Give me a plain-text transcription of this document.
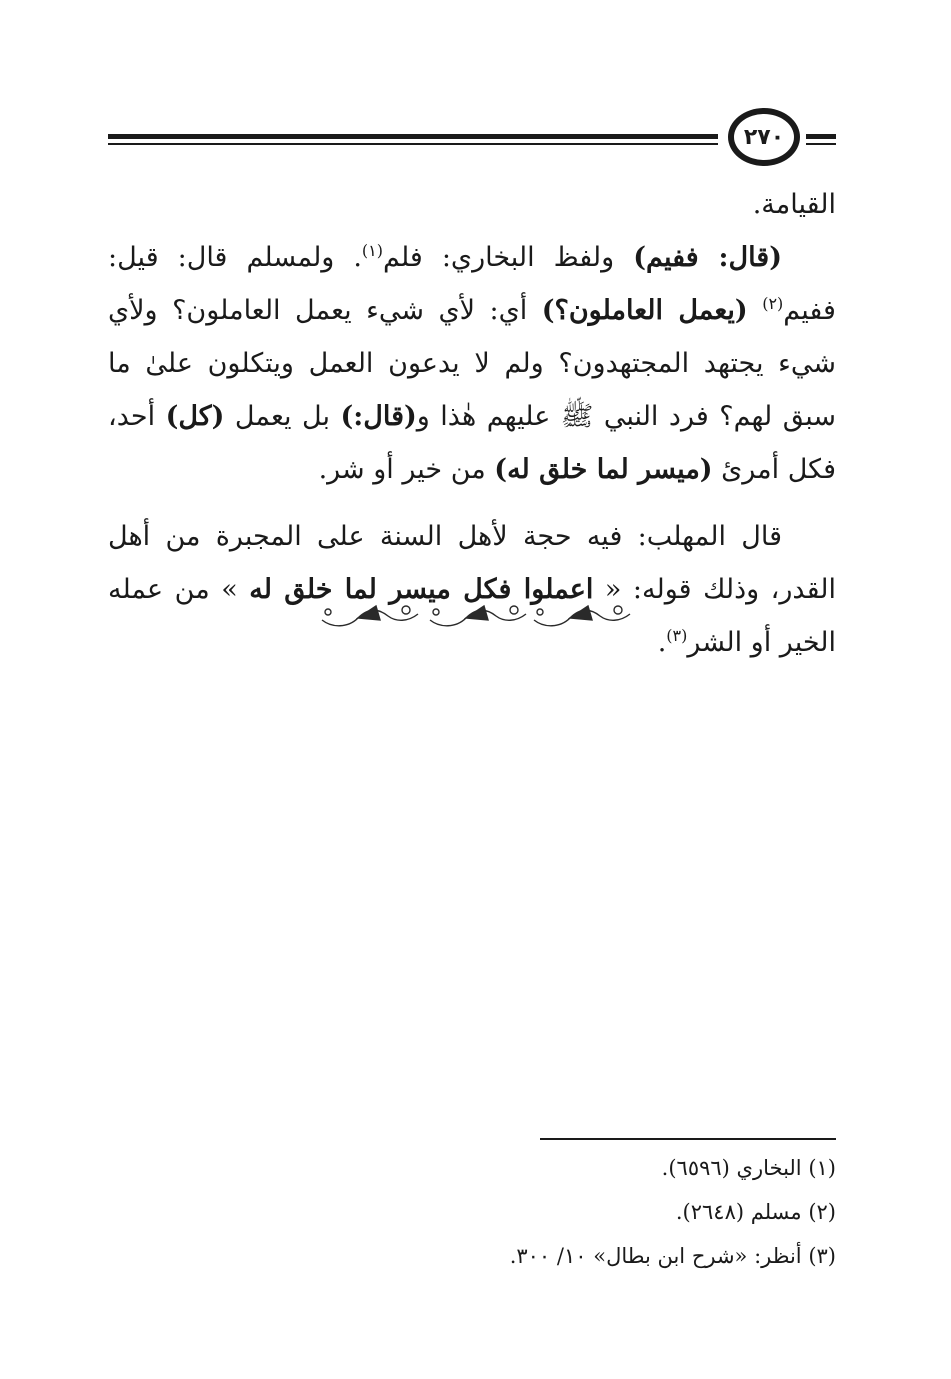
٢٧٠

القيامة.

(قال: ففيم) ولفظ البخاري: فلم$^{(١)}$. ولمسلم قال: قيل: ففيم$^{(٢)}$ (يعمل العاملون؟) أي: لأي شيء يعمل العاملون؟ ولأي شيء يجتهد المجتهدون؟ ولم لا يدعون العمل ويتكلون علىٰ ما سبق لهم؟ فرد النبي ﷺ عليهم هٰذا و(قال:) بل يعمل (كل) أحد، فكل أمرئ (ميسر لما خلق له) من خير أو شر.

قال المهلب: فيه حجة لأهل السنة على المجبرة من أهل القدر، وذلك قوله: « اعملوا فكل ميسر لما خلق له » من عمله الخير أو الشر$^{(٣)}$.

(١) البخاري (٦٥٩٦).
(٢) مسلم (٢٦٤٨).
(٣) أنظر: «شرح ابن بطال» ١٠/ ٣٠٠.
